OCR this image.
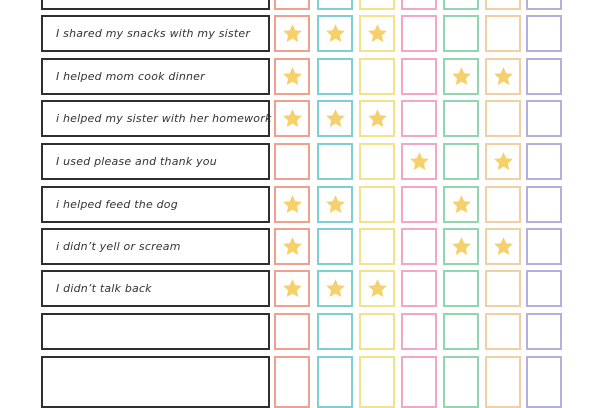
I shared my snacks with my sister
I helped mom cook dinner
i helped my sister with her homework
I used please and thank you
i helped feed the dog
i didn’t yell or scream
I didn’t talk back
